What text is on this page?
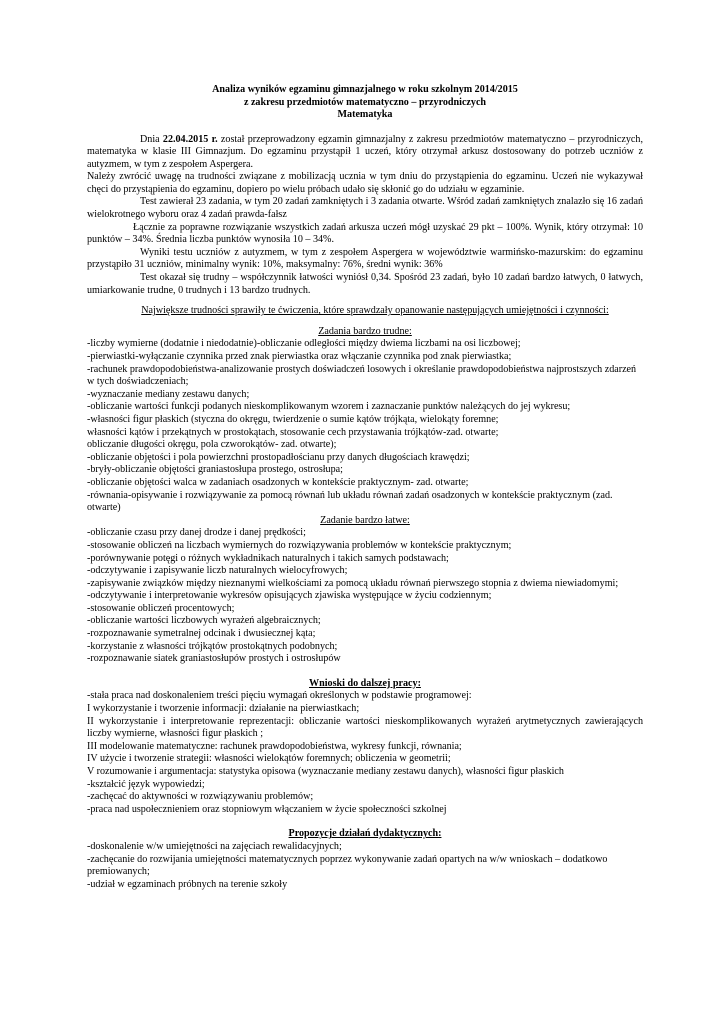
Analiza wyników egzaminu gimnazjalnego w roku szkolnym 2014/2015
z zakresu przedmiotów matematyczno – przyrodniczych
Matematyka
Dnia 22.04.2015 r. został przeprowadzony egzamin gimnazjalny z zakresu przedmiotów matematyczno – przyrodniczych, matematyka w klasie III Gimnazjum. Do egzaminu przystąpił 1 uczeń, który otrzymał arkusz dostosowany do potrzeb uczniów z autyzmem, w tym z zespołem Aspergera.
Należy zwrócić uwagę na trudności związane z mobilizacją ucznia w tym dniu do przystąpienia do egzaminu. Uczeń nie wykazywał chęci do przystąpienia do egzaminu, dopiero po wielu próbach udało się skłonić go do udziału w egzaminie.
Test zawierał 23 zadania, w tym 20 zadań zamkniętych i 3 zadania otwarte. Wśród zadań zamkniętych znalazło się 16 zadań wielokrotnego wyboru oraz 4 zadań prawda-fałsz
Łącznie za poprawne rozwiązanie wszystkich zadań arkusza uczeń mógł uzyskać 29 pkt – 100%. Wynik, który otrzymał: 10 punktów – 34%. Średnia liczba punktów wynosiła 10 – 34%.
Wyniki testu uczniów z autyzmem, w tym z zespołem Aspergera w województwie warmińsko-mazurskim: do egzaminu przystąpiło 31 uczniów, minimalny wynik: 10%, maksymalny: 76%, średni wynik: 36%
Test okazał się trudny – współczynnik łatwości wyniósł 0,34. Spośród 23 zadań, było 10 zadań bardzo łatwych, 0 łatwych, umiarkowanie trudne, 0 trudnych i 13 bardzo trudnych.
Największe trudności sprawiły te ćwiczenia, które sprawdzały opanowanie następujących umiejętności i czynności:
Zadania bardzo trudne:
-liczby wymierne (dodatnie i niedodatnie)-obliczanie odległości między dwiema liczbami na osi liczbowej;
-pierwiastki-wyłączanie czynnika przed znak pierwiastka oraz włączanie czynnika pod znak pierwiastka;
-rachunek prawdopodobieństwa-analizowanie prostych doświadczeń losowych i określanie prawdopodobieństwa najprostszych zdarzeń w tych doświadczeniach;
-wyznaczanie mediany zestawu danych;
-obliczanie wartości funkcji podanych nieskomplikowanym wzorem i zaznaczanie punktów należących do jej wykresu;
-własności figur płaskich (styczna do okręgu, twierdzenie o sumie kątów trójkąta, wielokąty foremne;
własności kątów i przekątnych w prostokątach, stosowanie cech przystawania trójkątów-zad. otwarte;
obliczanie długości okręgu, pola czworokątów- zad. otwarte);
-obliczanie objętości i pola powierzchni prostopadłościanu przy danych długościach krawędzi;
-bryły-obliczanie objętości graniastosłupa prostego, ostrosłupa;
-obliczanie objętości walca w zadaniach osadzonych w kontekście praktycznym- zad. otwarte;
-równania-opisywanie i rozwiązywanie za pomocą równań lub układu równań zadań osadzonych w kontekście praktycznym (zad. otwarte)
Zadanie bardzo łatwe:
-obliczanie czasu przy danej drodze i danej prędkości;
-stosowanie obliczeń na liczbach wymiernych do rozwiązywania problemów w kontekście praktycznym;
-porównywanie potęgi o różnych wykładnikach naturalnych i takich samych podstawach;
-odczytywanie i zapisywanie liczb naturalnych wielocyfrowych;
-zapisywanie związków między nieznanymi wielkościami za pomocą układu równań pierwszego stopnia z dwiema niewiadomymi;
-odczytywanie i interpretowanie wykresów opisujących zjawiska występujące w życiu codziennym;
-stosowanie obliczeń procentowych;
-obliczanie wartości liczbowych wyrażeń algebraicznych;
-rozpoznawanie symetralnej odcinak i dwusiecznej kąta;
-korzystanie z własności trójkątów prostokątnych podobnych;
-rozpoznawanie siatek graniastosłupów prostych i ostrosłupów
Wnioski do dalszej pracy:
-stała praca nad doskonaleniem treści pięciu wymagań określonych w podstawie programowej:
I wykorzystanie i tworzenie informacji: działanie na pierwiastkach;
II wykorzystanie i interpretowanie reprezentacji: obliczanie wartości nieskomplikowanych wyrażeń arytmetycznych zawierających liczby wymierne, własności figur płaskich ;
III modelowanie matematyczne: rachunek prawdopodobieństwa, wykresy funkcji, równania;
IV użycie i tworzenie strategii: własności wielokątów foremnych; obliczenia w geometrii;
V rozumowanie i argumentacja: statystyka opisowa (wyznaczanie mediany zestawu danych), własności figur płaskich
-kształcić język wypowiedzi;
-zachęcać do aktywności w rozwiązywaniu problemów;
-praca nad uspołecznieniem oraz stopniowym włączaniem w życie społeczności szkolnej
Propozycje działań dydaktycznych:
-doskonalenie w/w umiejętności na zajęciach rewalidacyjnych;
-zachęcanie do rozwijania umiejętności matematycznych poprzez wykonywanie zadań opartych na w/w wnioskach – dodatkowo premiowanych;
-udział w egzaminach próbnych na terenie szkoły
